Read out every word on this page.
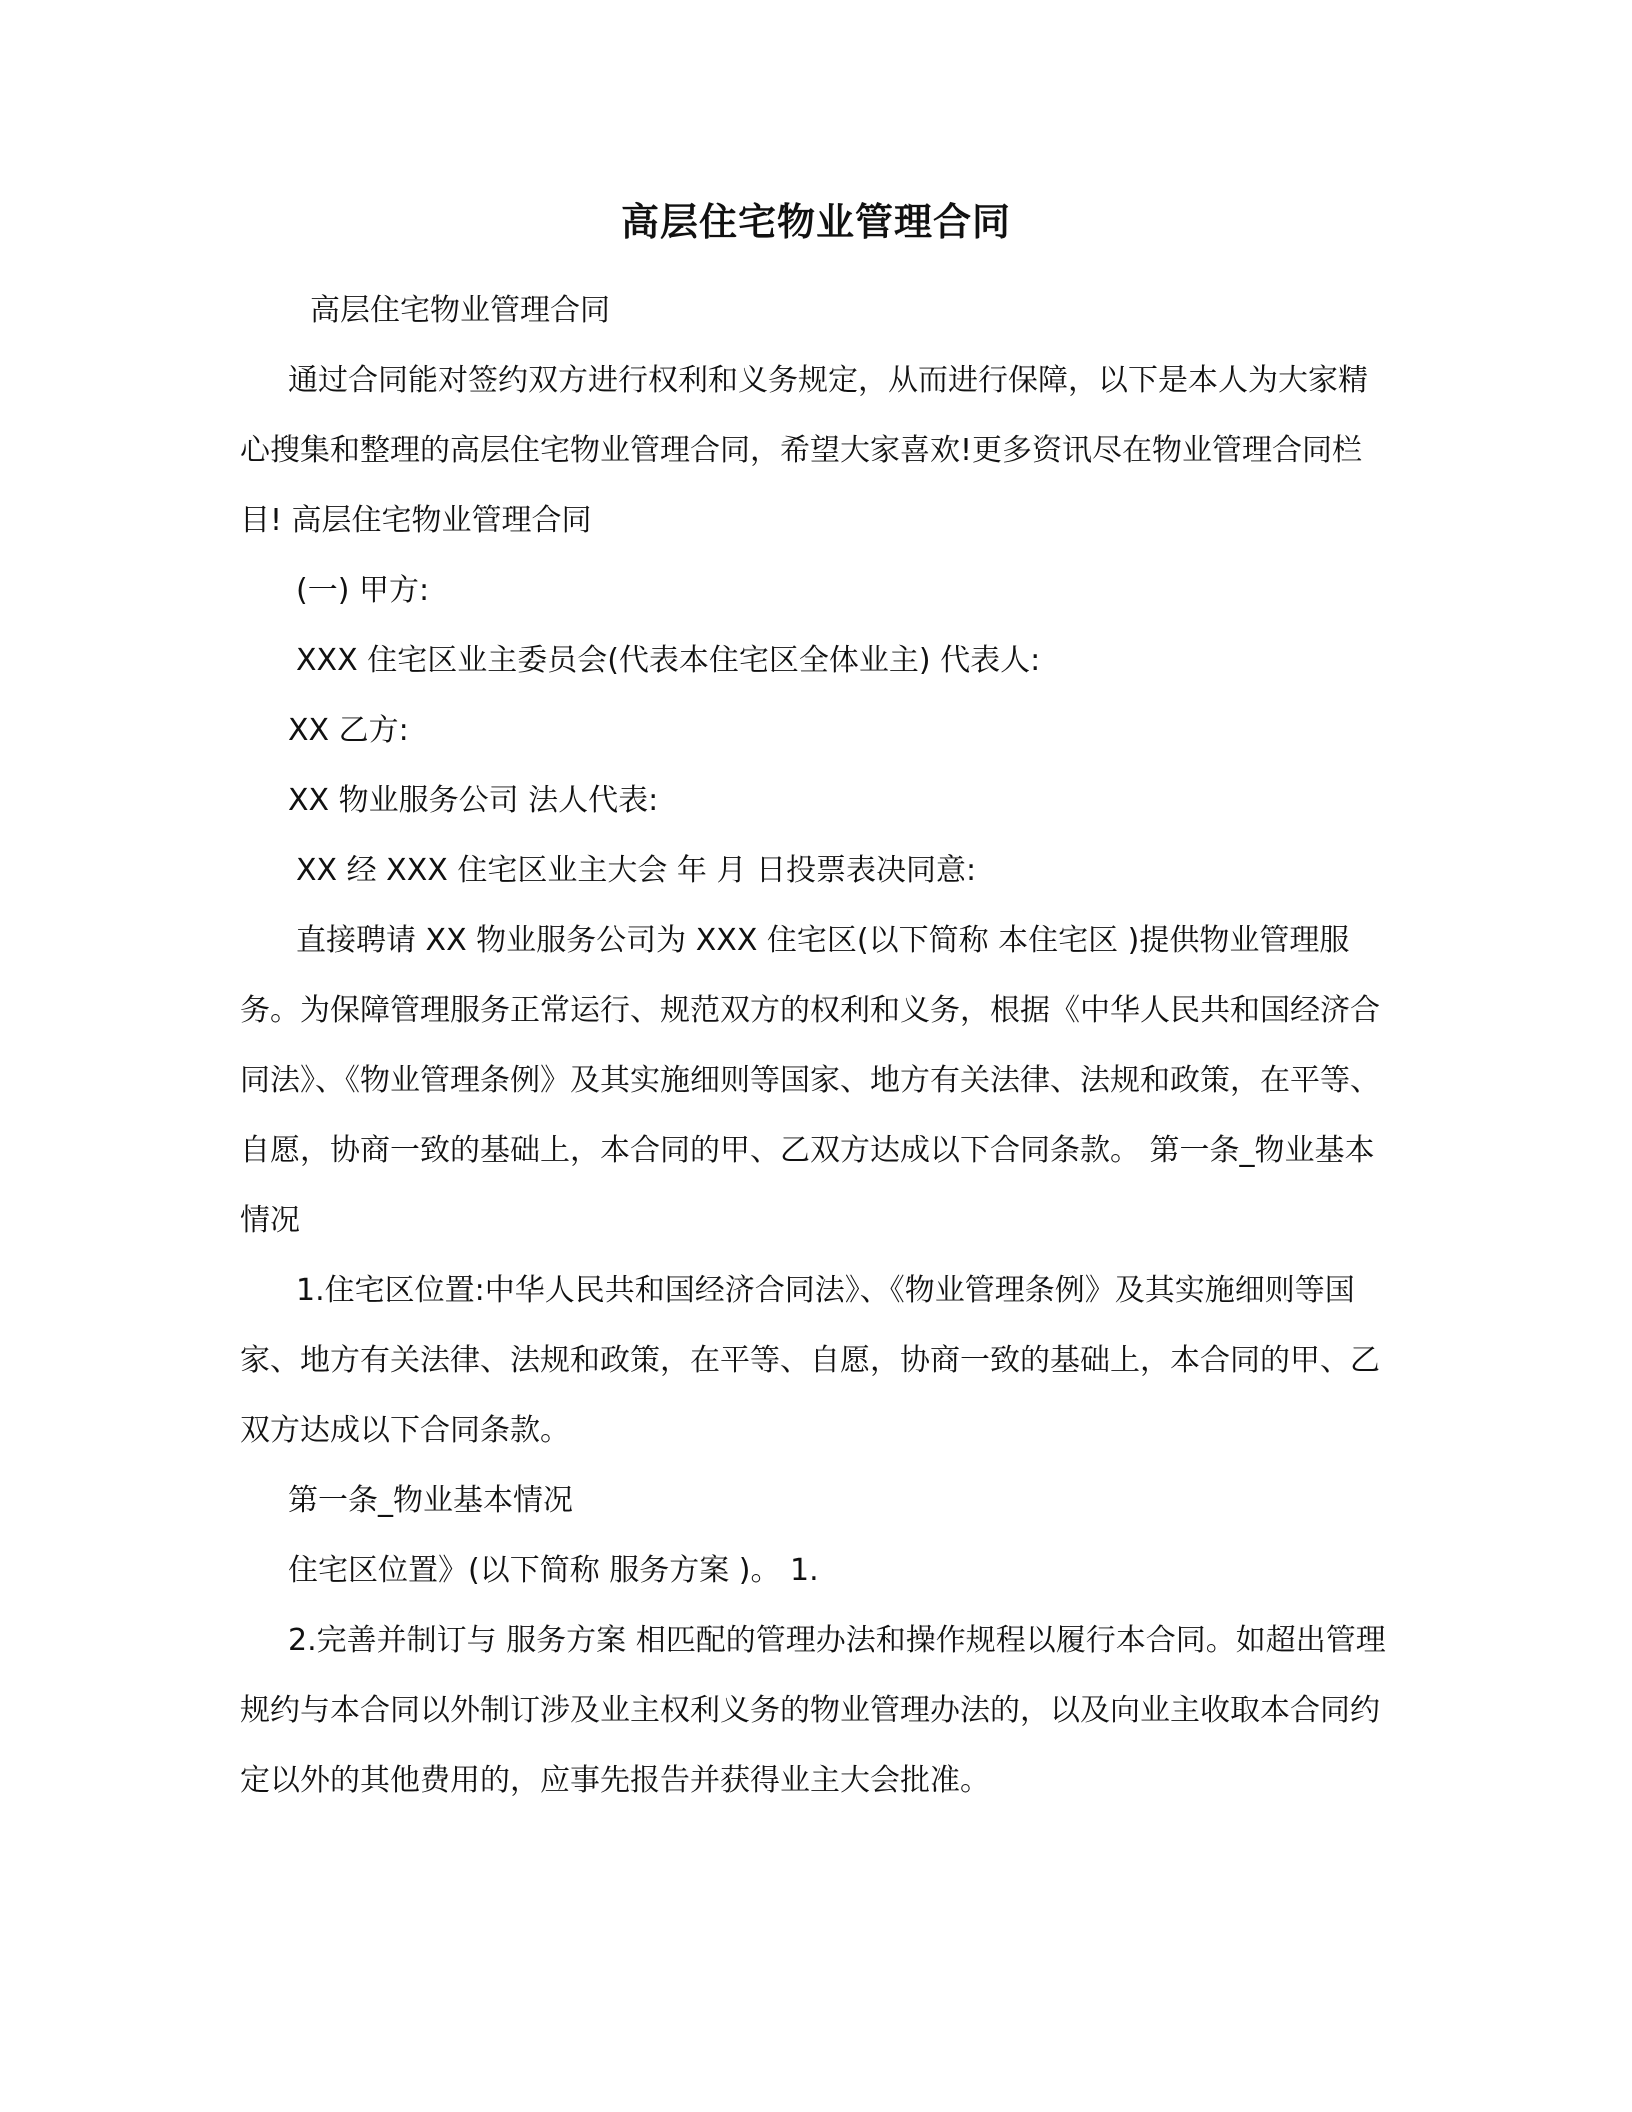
高层住宅物业管理合同

高层住宅物业管理合同

通过合同能对签约双方进行权利和义务规定，从而进行保障，以下是本人为大家精心搜集和整理的高层住宅物业管理合同，希望大家喜欢!更多资讯尽在物业管理合同栏目! 高层住宅物业管理合同

(一) 甲方:

XXX 住宅区业主委员会(代表本住宅区全体业主) 代表人:

XX 乙方:

XX 物业服务公司 法人代表:

XX 经 XXX 住宅区业主大会 年 月 日投票表决同意:

直接聘请 XX 物业服务公司为 XXX 住宅区(以下简称 本住宅区 )提供物业管理服务。为保障管理服务正常运行、规范双方的权利和义务，根据《中华人民共和国经济合同法》、《物业管理条例》及其实施细则等国家、地方有关法律、法规和政策，在平等、自愿，协商一致的基础上，本合同的甲、乙双方达成以下合同条款。 第一条_物业基本情况

1.住宅区位置:中华人民共和国经济合同法》、《物业管理条例》及其实施细则等国家、地方有关法律、法规和政策，在平等、自愿，协商一致的基础上，本合同的甲、乙双方达成以下合同条款。

第一条_物业基本情况

住宅区位置》(以下简称 服务方案 )。 1.

2.完善并制订与 服务方案 相匹配的管理办法和操作规程以履行本合同。如超出管理规约与本合同以外制订涉及业主权利义务的物业管理办法的，以及向业主收取本合同约定以外的其他费用的，应事先报告并获得业主大会批准。
